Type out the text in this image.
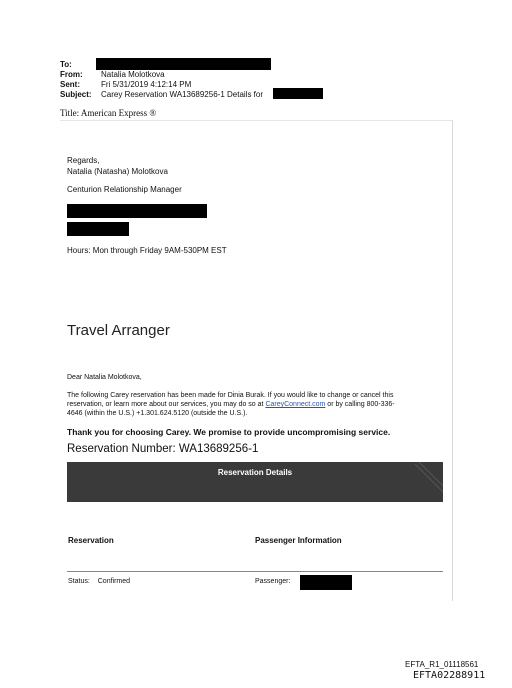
To:
From: Natalia Molotkova
Sent:	Fri 5/31/2019 4:12:14 PM
Subject: Carey Reservation WA13689256-1 Details for
Title: American Express ®
Regards,
Natalia (Natasha) Molotkova
Centurion Relationship Manager
Hours: Mon through Friday 9AM-530PM EST
Travel Arranger
Dear Natalia Molotkova,
The following Carey reservation has been made for Dinia Burak. If you would like to change or cancel this
reservation, or learn more about our services, you may do so at CareyConnect.com or by calling 800-336-
4646 (within the U.S.) +1.301.624.5120 (outside the U.S.).
Thank you for choosing Carey. We promise to provide uncompromising service.
Reservation Number: WA13689256-1
Reservation Details
Reservation	Passenger Information
Status: Confirmed	Passenger:
EFTA_R1_01118561
EFTA02288911
